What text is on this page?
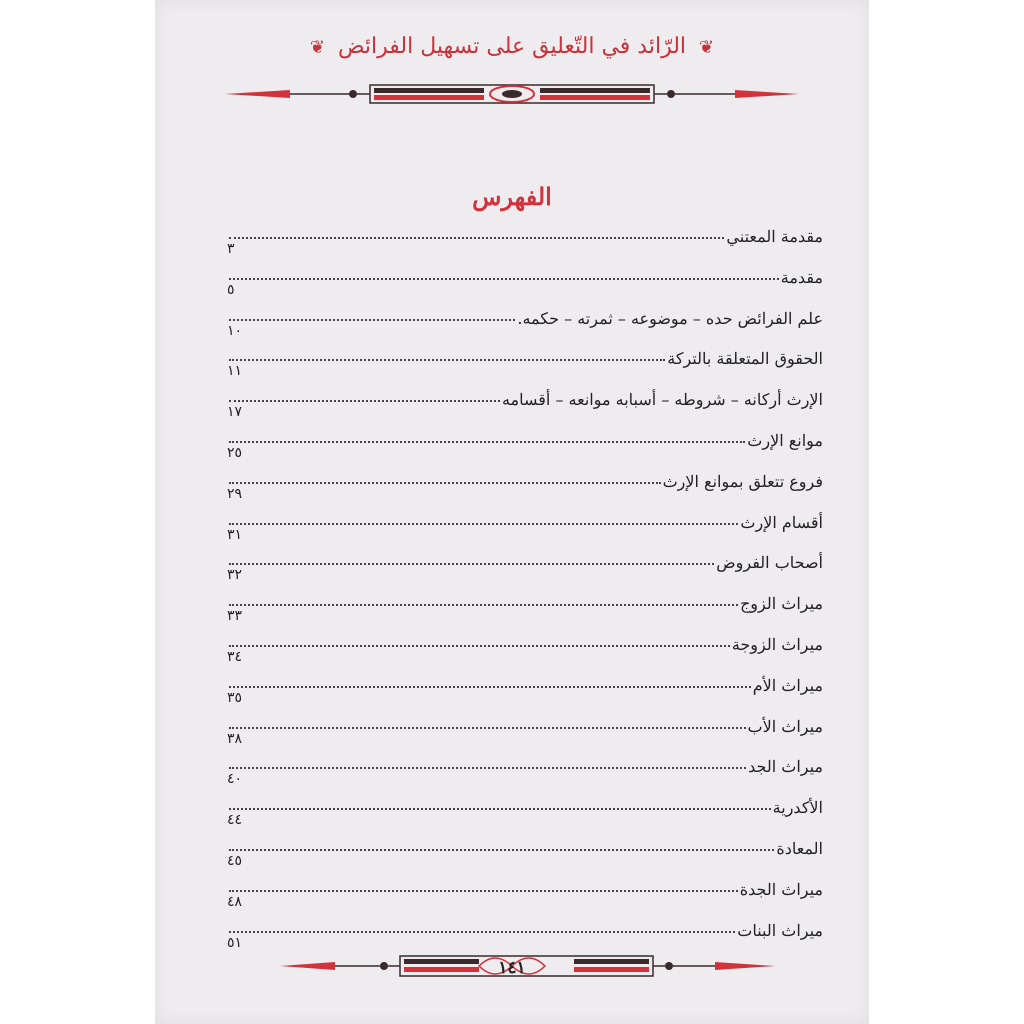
❦ الرّائد في التّعليق على تسهيل الفرائض ❦
الفهرس
مقدمة المعتني
٣
مقدمة
٥
علم الفرائض حده – موضوعه – ثمرته – حكمه.
١٠
الحقوق المتعلقة بالتركة
١١
الإرث أركانه – شروطه – أسبابه موانعه – أقسامه
١٧
موانع الإرث
٢٥
فروع تتعلق بموانع الإرث
٢٩
أقسام الإرث
٣١
أصحاب الفروض
٣٢
ميراث الزوج
٣٣
ميراث الزوجة
٣٤
ميراث الأم
٣٥
ميراث الأب
٣٨
ميراث الجد
٤٠
الأكدرية
٤٤
المعادة
٤٥
ميراث الجدة
٤٨
ميراث البنات
٥١
١٤١
